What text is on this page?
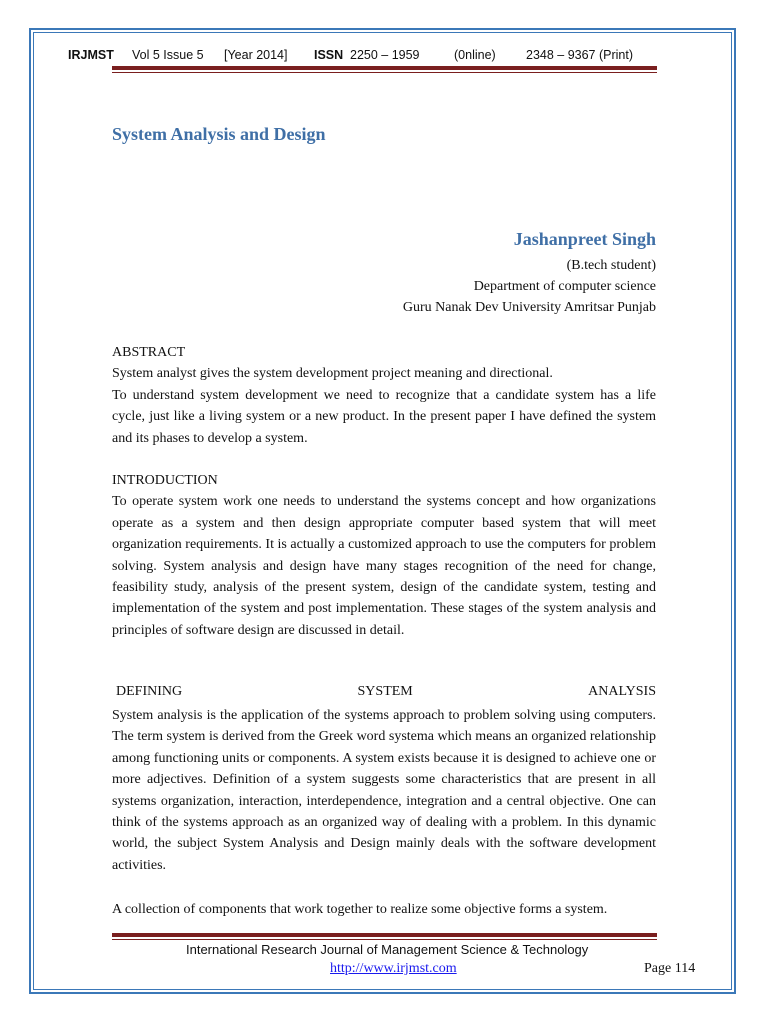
IRJMST Vol 5 Issue 5 [Year 2014] ISSN 2250 – 1959	(0nline) 2348 – 9367 (Print)
System Analysis and Design
Jashanpreet Singh
(B.tech student)
Department of computer science
Guru Nanak Dev University Amritsar Punjab
ABSTRACT
System analyst gives the system development project meaning and directional.
To understand system development we need to recognize that a candidate system has a life cycle, just like a living system or a new product. In the present paper I have defined the system and its phases to develop a system.
INTRODUCTION
To operate system work one needs to understand the systems concept and how organizations operate as a system and then design appropriate computer based system that will meet organization requirements. It is actually a customized approach to use the computers for problem solving. System analysis and design have many stages recognition of the need for change, feasibility study, analysis of the present system, design of the candidate system, testing and implementation of the system and post implementation. These stages of the system analysis and principles of software design are discussed in detail.
DEFINING	SYSTEM	ANALYSIS
System analysis is the application of the systems approach to problem solving using computers. The term system is derived from the Greek word systema which means an organized relationship among functioning units or components. A system exists because it is designed to achieve one or more adjectives. Definition of a system suggests some characteristics that are present in all systems organization, interaction, interdependence, integration and a central objective. One can think of the systems approach as an organized way of dealing with a problem. In this dynamic world, the subject System Analysis and Design mainly deals with the software development activities.
A collection of components that work together to realize some objective forms a system.
International Research Journal of Management Science & Technology
http://www.irjmst.com	Page 114
